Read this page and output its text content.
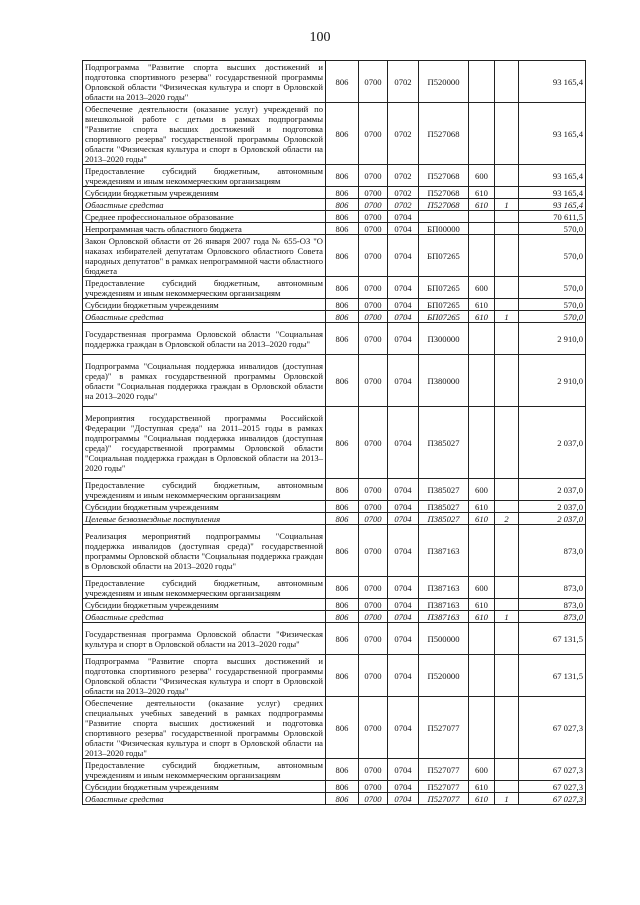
100
Подпрограмма "Развитие спорта высших достижений и подготовка спортивного резерва" государственной программы Орловской области "Физическая культура и спорт в Орловской области на 2013–2020 годы"	806	0700	0702	П520000			93 165,4
Обеспечение деятельности (оказание услуг) учреждений по внешкольной работе с детьми в рамках подпрограммы "Развитие спорта высших достижений и подготовка спортивного резерва" государственной программы Орловской области "Физическая культура и спорт в Орловской области на 2013–2020 годы"	806	0700	0702	П527068			93 165,4
Предоставление субсидий бюджетным, автономным учреждениям и иным некоммерческим организациям	806	0700	0702	П527068	600		93 165,4
Субсидии бюджетным учреждениям	806	0700	0702	П527068	610		93 165,4
Областные средства	806	0700	0702	П527068	610	1	93 165,4
Среднее профессиональное образование	806	0700	0704				70 611,5
Непрограммная часть областного бюджета	806	0700	0704	БП00000			570,0
Закон Орловской области от 26 января 2007 года № 655-ОЗ "О наказах избирателей депутатам Орловского областного Совета народных депутатов" в рамках непрограммной части областного бюджета	806	0700	0704	БП07265			570,0
Предоставление субсидий бюджетным, автономным учреждениям и иным некоммерческим организациям	806	0700	0704	БП07265	600		570,0
Субсидии бюджетным учреждениям	806	0700	0704	БП07265	610		570,0
Областные средства	806	0700	0704	БП07265	610	1	570,0
Государственная программа Орловской области "Социальная поддержка граждан в Орловской области на 2013–2020 годы"	806	0700	0704	П300000			2 910,0
Подпрограмма "Социальная поддержка инвалидов (доступная среда)" в рамках государственной программы Орловской области "Социальная поддержка граждан в Орловской области на 2013–2020 годы"	806	0700	0704	П380000			2 910,0
Мероприятия государственной программы Российской Федерации "Доступная среда" на 2011–2015 годы в рамках подпрограммы "Социальная поддержка инвалидов (доступная среда)" государственной программы Орловской области "Социальная поддержка граждан в Орловской области на 2013–2020 годы"	806	0700	0704	П385027			2 037,0
Предоставление субсидий бюджетным, автономным учреждениям и иным некоммерческим организациям	806	0700	0704	П385027	600		2 037,0
Субсидии бюджетным учреждениям	806	0700	0704	П385027	610		2 037,0
Целевые безвозмездные поступления	806	0700	0704	П385027	610	2	2 037,0
Реализация мероприятий подпрограммы "Социальная поддержка инвалидов (доступная среда)" государственной программы Орловской области "Социальная поддержка граждан в Орловской области на 2013–2020 годы"	806	0700	0704	П387163			873,0
Предоставление субсидий бюджетным, автономным учреждениям и иным некоммерческим организациям	806	0700	0704	П387163	600		873,0
Субсидии бюджетным учреждениям	806	0700	0704	П387163	610		873,0
Областные средства	806	0700	0704	П387163	610	1	873,0
Государственная программа Орловской области "Физическая культура и спорт в Орловской области на 2013–2020 годы"	806	0700	0704	П500000			67 131,5
Подпрограмма "Развитие спорта высших достижений и подготовка спортивного резерва" государственной программы Орловской области "Физическая культура и спорт в Орловской области на 2013–2020 годы"	806	0700	0704	П520000			67 131,5
Обеспечение деятельности (оказание услуг) средних специальных учебных заведений в рамках подпрограммы "Развитие спорта высших достижений и подготовка спортивного резерва" государственной программы Орловской области "Физическая культура и спорт в Орловской области на 2013–2020 годы"	806	0700	0704	П527077			67 027,3
Предоставление субсидий бюджетным, автономным учреждениям и иным некоммерческим организациям	806	0700	0704	П527077	600		67 027,3
Субсидии бюджетным учреждениям	806	0700	0704	П527077	610		67 027,3
Областные средства	806	0700	0704	П527077	610	1	67 027,3
